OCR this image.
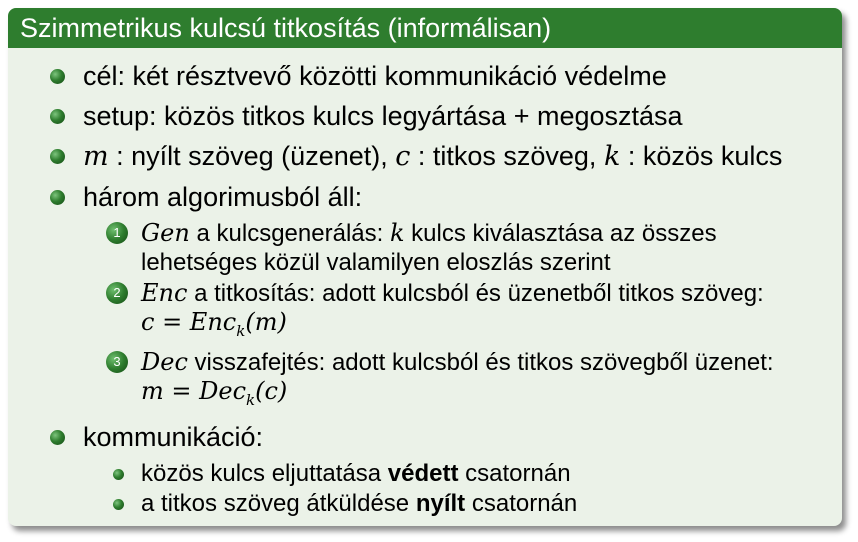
Szimmetrikus kulcsú titkosítás (informálisan)
cél: két résztvevő közötti kommunikáció védelme
setup: közös titkos kulcs legyártása + megosztása
m : nyílt szöveg (üzenet), c : titkos szöveg, k : közös kulcs
három algorimusból áll:
1 Gen a kulcsgenerálás: k kulcs kiválasztása az összes
lehetséges közül valamilyen eloszlás szerint
2 Enc a titkosítás: adott kulcsból és üzenetből titkos szöveg:
c = Enc$_k$(m)
3 Dec visszafejtés: adott kulcsból és titkos szövegből üzenet:
m = Dec$_k$(c)
kommunikáció:
közös kulcs eljuttatása védett csatornán
a titkos szöveg átküldése nyílt csatornán
